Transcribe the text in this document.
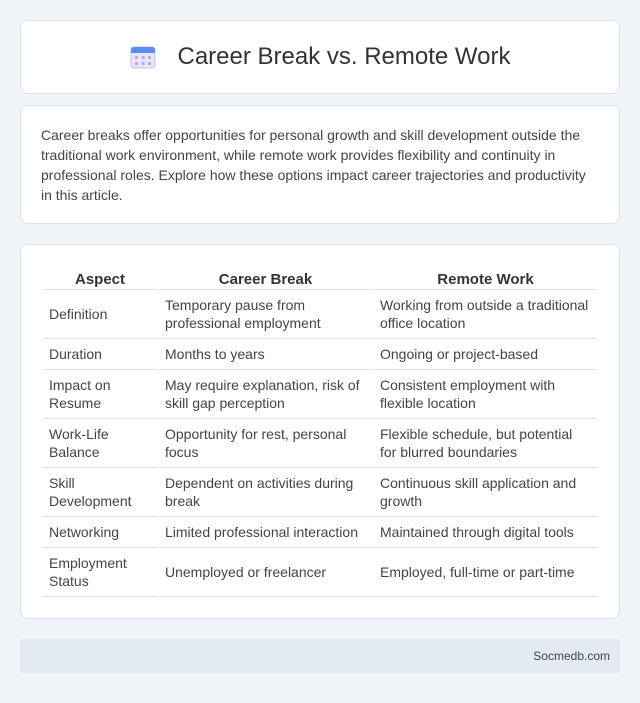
Career Break vs. Remote Work

Career breaks offer opportunities for personal growth and skill development outside the traditional work environment, while remote work provides flexibility and continuity in professional roles. Explore how these options impact career trajectories and productivity in this article.

Aspect	Career Break	Remote Work
Definition	Temporary pause from professional employment	Working from outside a traditional office location
Duration	Months to years	Ongoing or project-based
Impact on Resume	May require explanation, risk of skill gap perception	Consistent employment with flexible location
Work-Life Balance	Opportunity for rest, personal focus	Flexible schedule, but potential for blurred boundaries
Skill Development	Dependent on activities during break	Continuous skill application and growth
Networking	Limited professional interaction	Maintained through digital tools
Employment Status	Unemployed or freelancer	Employed, full-time or part-time
Socmedb.com
